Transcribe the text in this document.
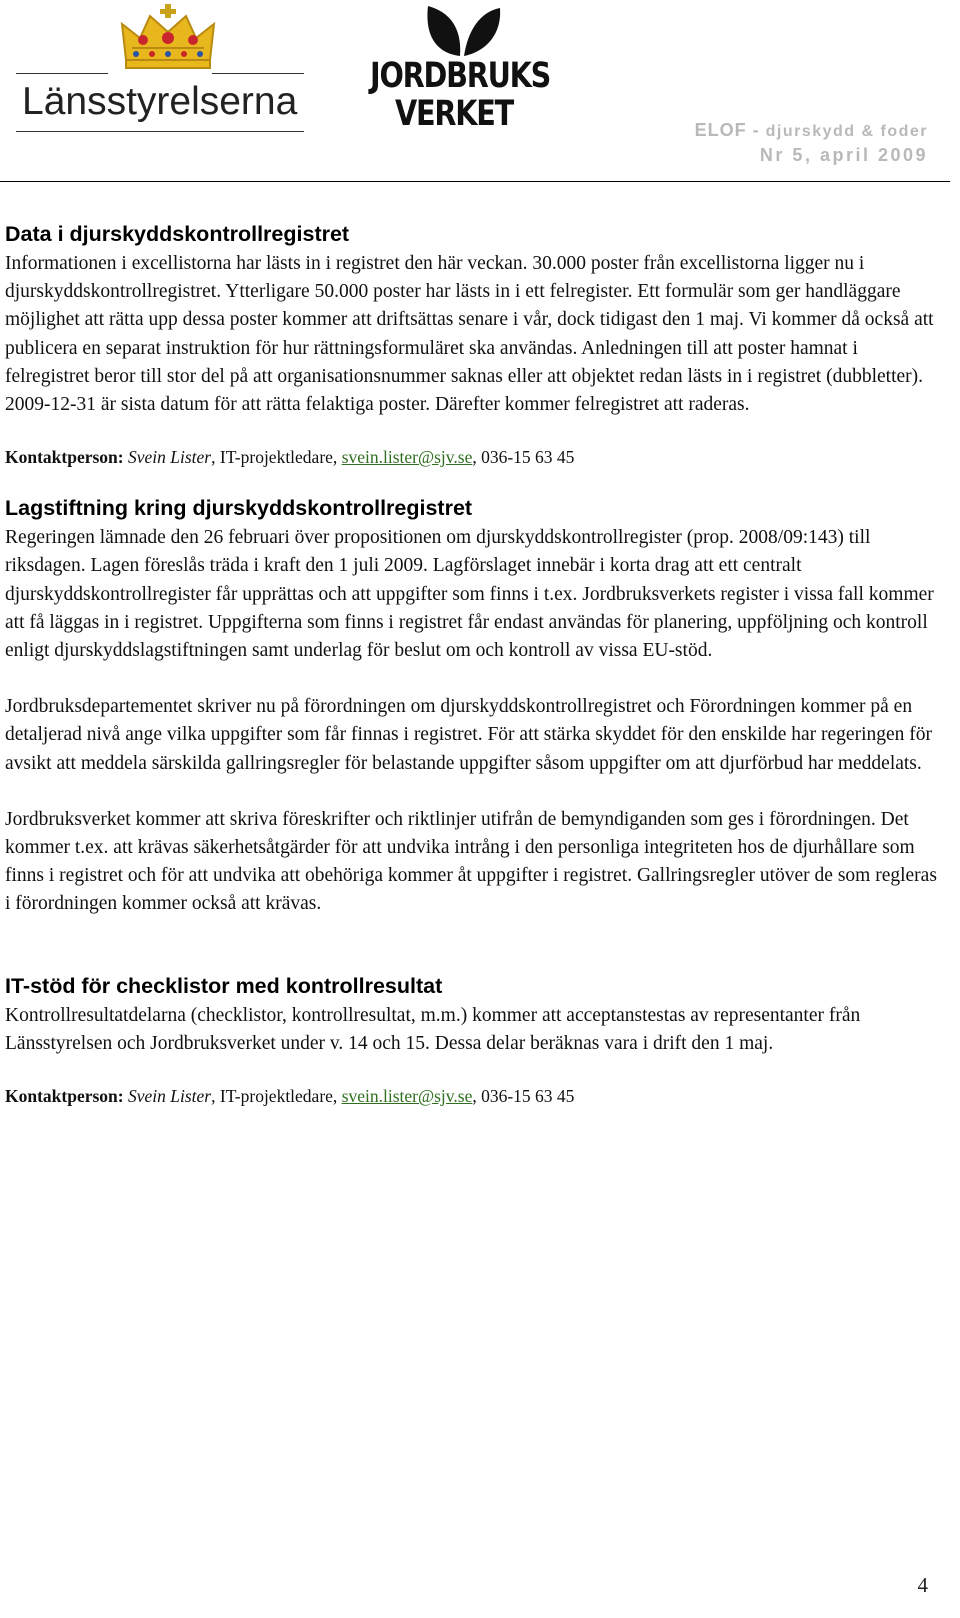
Länsstyrelserna
JORDBRUKS
VERKET	ELOF - djurskydd & foder
Nr 5, april 2009
Data i djurskyddskontrollregistret

Informationen i excellistorna har lästs in i registret den här veckan. 30.000 poster från excellistorna ligger nu i djurskyddskontrollregistret. Ytterligare 50.000 poster har lästs in i ett felregister. Ett formulär som ger handläggare möjlighet att rätta upp dessa poster kommer att driftsättas senare i vår, dock tidigast den 1 maj. Vi kommer då också att publicera en separat instruktion för hur rättningsformuläret ska användas. Anledningen till att poster hamnat i felregistret beror till stor del på att organisationsnummer saknas eller att objektet redan lästs in i registret (dubbletter). 2009-12-31 är sista datum för att rätta felaktiga poster. Därefter kommer felregistret att raderas.

Kontaktperson: Svein Lister, IT-projektledare, svein.lister@sjv.se, 036-15 63 45

Lagstiftning kring djurskyddskontrollregistret

Regeringen lämnade den 26 februari över propositionen om djurskyddskontrollregister (prop. 2008/09:143) till riksdagen. Lagen föreslås träda i kraft den 1 juli 2009. Lagförslaget innebär i korta drag att ett centralt djurskyddskontrollregister får upprättas och att uppgifter som finns i t.ex. Jordbruksverkets register i vissa fall kommer att få läggas in i registret. Uppgifterna som finns i registret får endast användas för planering, uppföljning och kontroll enligt djurskyddslagstiftningen samt underlag för beslut om och kontroll av vissa EU-stöd.

Jordbruksdepartementet skriver nu på förordningen om djurskyddskontrollregistret och Förordningen kommer på en detaljerad nivå ange vilka uppgifter som får finnas i registret. För att stärka skyddet för den enskilde har regeringen för avsikt att meddela särskilda gallringsregler för belastande uppgifter såsom uppgifter om att djurförbud har meddelats.

Jordbruksverket kommer att skriva föreskrifter och riktlinjer utifrån de bemyndiganden som ges i förordningen. Det kommer t.ex. att krävas säkerhetsåtgärder för att undvika intrång i den personliga integriteten hos de djurhållare som finns i registret och för att undvika att obehöriga kommer åt uppgifter i registret. Gallringsregler utöver de som regleras i förordningen kommer också att krävas.

IT-stöd för checklistor med kontrollresultat

Kontrollresultatdelarna (checklistor, kontrollresultat, m.m.) kommer att acceptanstestas av representanter från Länsstyrelsen och Jordbruksverket under v. 14 och 15. Dessa delar beräknas vara i drift den 1 maj.

Kontaktperson: Svein Lister, IT-projektledare, svein.lister@sjv.se, 036-15 63 45

4
